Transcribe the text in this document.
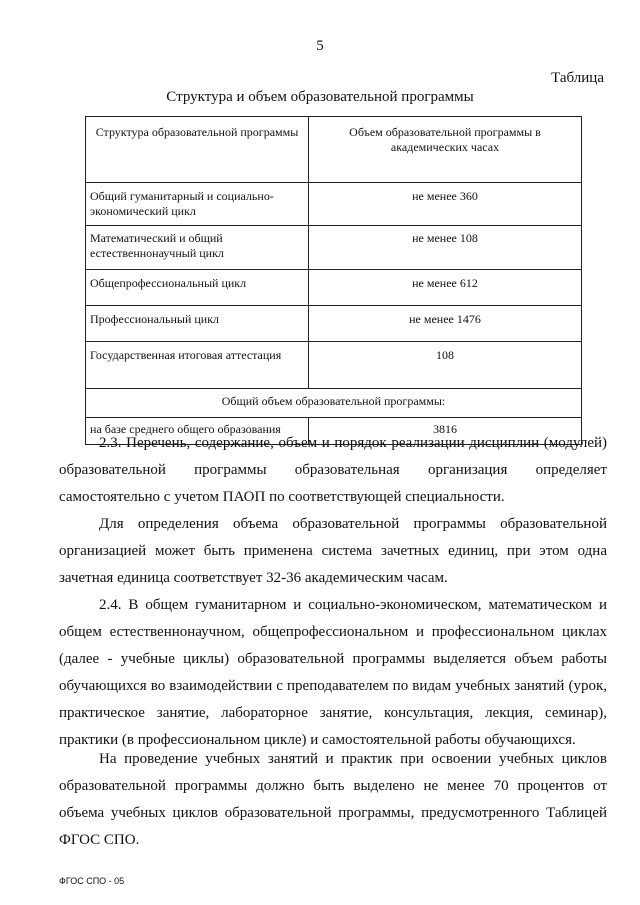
5
Таблица
Структура и объем образовательной программы
Структура образовательной программы	Объем образовательной программы в академических часах
Общий гуманитарный и социально-экономический цикл	не менее 360
Математический и общий естественнонаучный цикл	не менее 108
Общепрофессиональный цикл	не менее 612
Профессиональный цикл	не менее 1476
Государственная итоговая аттестация	108
Общий объем образовательной программы:	
на базе среднего общего образования	3816

2.3. Перечень, содержание, объем и порядок реализации дисциплин (модулей) образовательной программы образовательная организация определяет самостоятельно с учетом ПАОП по соответствующей специальности.

Для определения объема образовательной программы образовательной организацией может быть применена система зачетных единиц, при этом одна зачетная единица соответствует 32-36 академическим часам.

2.4. В общем гуманитарном и социально-экономическом, математическом и общем естественнонаучном, общепрофессиональном и профессиональном циклах (далее - учебные циклы) образовательной программы выделяется объем работы обучающихся во взаимодействии с преподавателем по видам учебных занятий (урок, практическое занятие, лабораторное занятие, консультация, лекция, семинар), практики (в профессиональном цикле) и самостоятельной работы обучающихся.

На проведение учебных занятий и практик при освоении учебных циклов образовательной программы должно быть выделено не менее 70 процентов от объема учебных циклов образовательной программы, предусмотренного Таблицей ФГОС СПО.

ФГОС СПО - 05
